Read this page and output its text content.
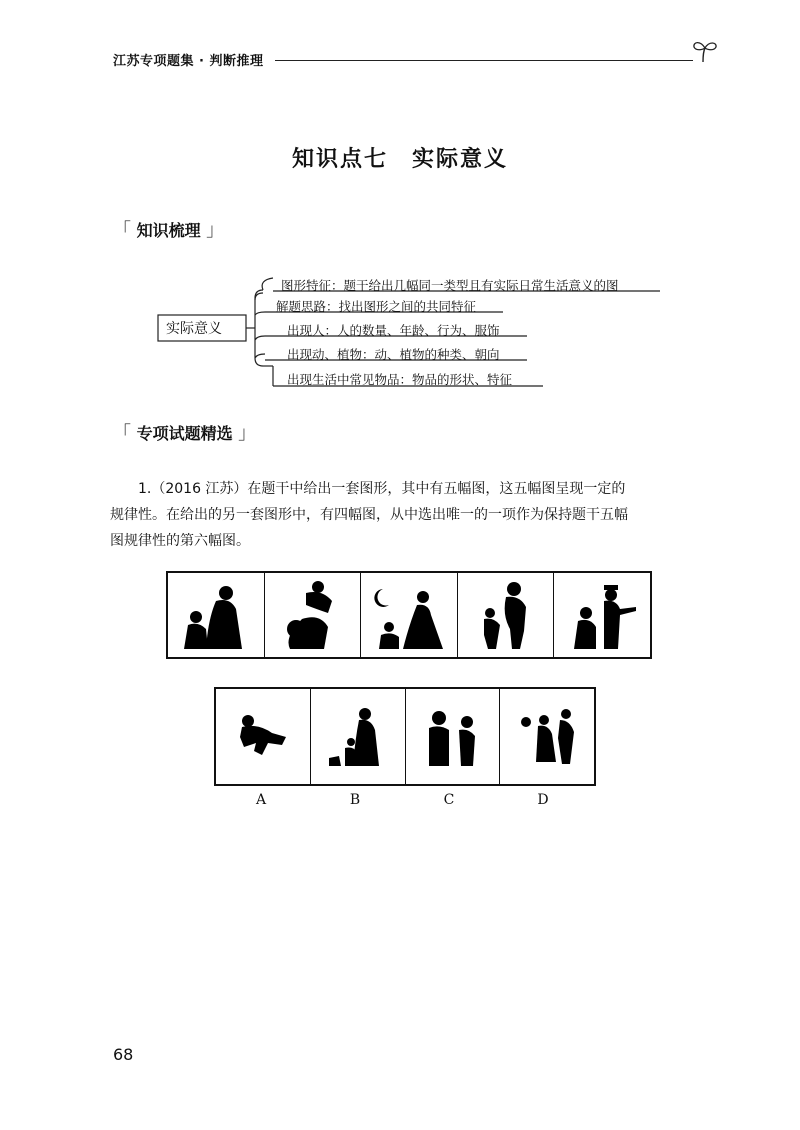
江苏专项题集 · 判断推理
知识点七　实际意义
「 知识梳理 」
实际意义
图形特征：题干给出几幅同一类型且有实际日常生活意义的图
解题思路：找出图形之间的共同特征
出现人：人的数量、年龄、行为、服饰
出现动、植物：动、植物的种类、朝向
出现生活中常见物品：物品的形状、特征
「 专项试题精选 」
1.（2016 江苏）在题干中给出一套图形，其中有五幅图，这五幅图呈现一定的
规律性。在给出的另一套图形中，有四幅图，从中选出唯一的一项作为保持题干五幅
图规律性的第六幅图。
A	B	C	D
68
